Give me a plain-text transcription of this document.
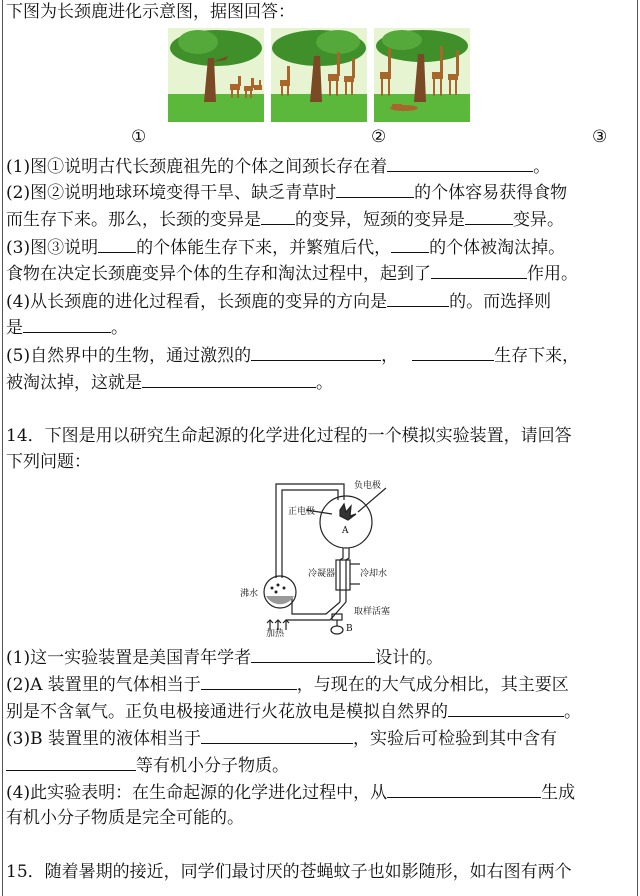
下图为长颈鹿进化示意图，据图回答：
①	②	③
(1)图①说明古代长颈鹿祖先的个体之间颈长存在着	。
(2)图②说明地球环境变得干旱、缺乏青草时	的个体容易获得食物
而生存下来。那么，长颈的变异是 的变异，短颈的变异是	变异。
(3)图③说明 的个体能生存下来，并繁殖后代， 的个体被淘汰掉。
食物在决定长颈鹿变异个体的生存和淘汰过程中，起到了	作用。
(4)从长颈鹿的进化过程看，长颈鹿的变异的方向是	的。而选择则
是	。
(5)自然界中的生物，通过激烈的	，	生存下来，
被淘汰掉，这就是	。
14．下图是用以研究生命起源的化学进化过程的一个模拟实验装置，请回答
下列问题：
负电极
正电极
A
冷凝器	冷却水
沸水
加热
取样活塞
B
(1)这一实验装置是美国青年学者	设计的。
(2)A 装置里的气体相当于	，与现在的大气成分相比，其主要区
别是不含氧气。正负电极接通进行火花放电是模拟自然界的	。
(3)B 装置里的液体相当于	，实验后可检验到其中含有
等有机小分子物质。
(4)此实验表明：在生命起源的化学进化过程中，从	生成
有机小分子物质是完全可能的。
15．随着暑期的接近，同学们最讨厌的苍蝇蚊子也如影随形，如右图有两个
